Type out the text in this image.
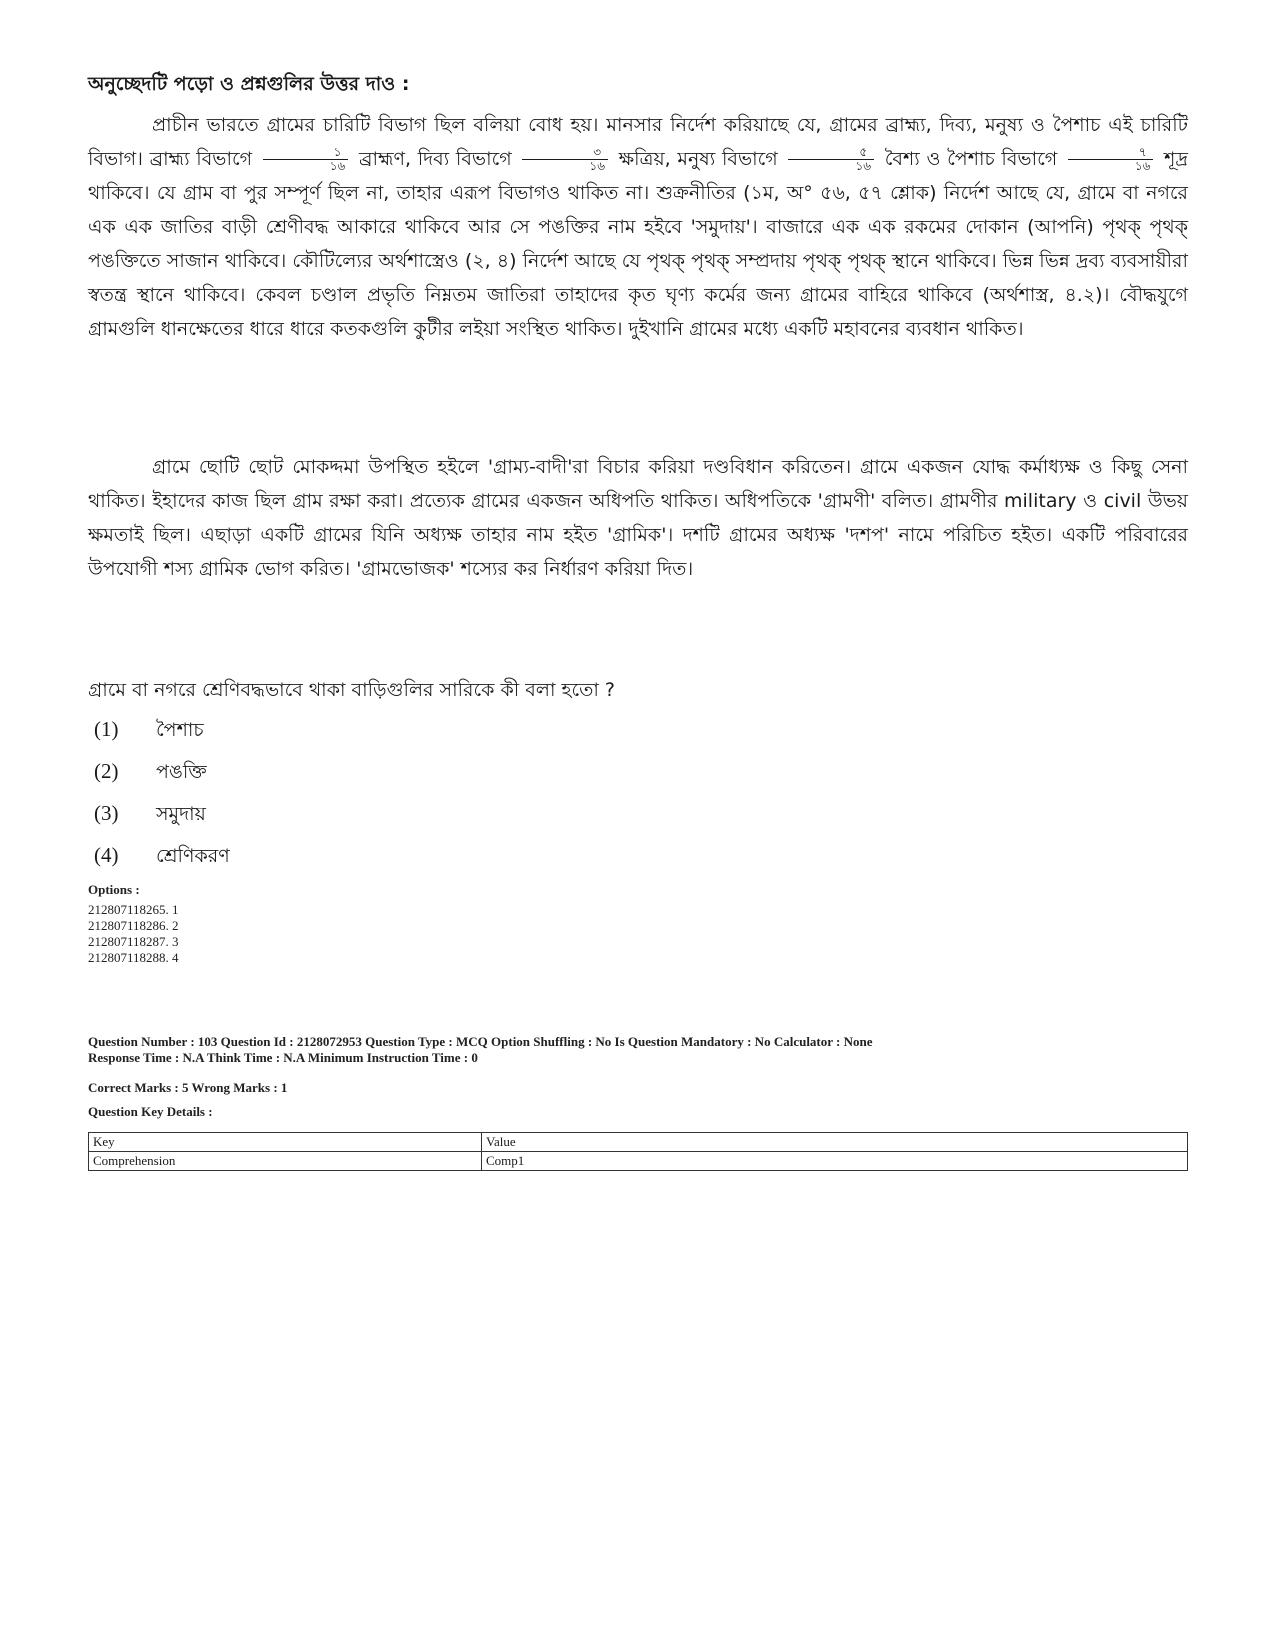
অনুচ্ছেদটি পড়ো ও প্রশ্নগুলির উত্তর দাও :

প্রাচীন ভারতে গ্রামের চারিটি বিভাগ ছিল বলিয়া বোধ হয়। মানসার নির্দেশ করিয়াছে যে, গ্রামের ব্রাহ্ম্য, দিব্য, মনুষ্য ও পৈশাচ এই চারিটি বিভাগ। ব্রাহ্ম্য বিভাগে $\frac{১}{১৬}$ ব্রাহ্মণ, দিব্য বিভাগে $\frac{৩}{১৬}$ ক্ষত্রিয়, মনুষ্য বিভাগে $\frac{৫}{১৬}$ বৈশ্য ও পৈশাচ বিভাগে $\frac{৭}{১৬}$ শূদ্র থাকিবে। যে গ্রাম বা পুর সম্পূর্ণ ছিল না, তাহার এরূপ বিভাগও থাকিত না। শুক্রনীতির (১ম, অ° ৫৬, ৫৭ শ্লোক) নির্দেশ আছে যে, গ্রামে বা নগরে এক এক জাতির বাড়ী শ্রেণীবদ্ধ আকারে থাকিবে আর সে পঙক্তির নাম হইবে 'সমুদায়'। বাজারে এক এক রকমের দোকান (আপনি) পৃথক্ পৃথক্ পঙক্তিতে সাজান থাকিবে। কৌটিল্যের অর্থশাস্ত্রেও (২, ৪) নির্দেশ আছে যে পৃথক্ পৃথক্ সম্প্রদায় পৃথক্ পৃথক্ স্থানে থাকিবে। ভিন্ন ভিন্ন দ্রব্য ব্যবসায়ীরা স্বতন্ত্র স্থানে থাকিবে। কেবল চণ্ডাল প্রভৃতি নিম্নতম জাতিরা তাহাদের কৃত ঘৃণ্য কর্মের জন্য গ্রামের বাহিরে থাকিবে (অর্থশাস্ত্র, ৪.২)। বৌদ্ধযুগে গ্রামগুলি ধানক্ষেতের ধারে ধারে কতকগুলি কুটীর লইয়া সংস্থিত থাকিত। দুইখানি গ্রামের মধ্যে একটি মহাবনের ব্যবধান থাকিত।

গ্রামে ছোটি ছোট মোকদ্দমা উপস্থিত হইলে 'গ্রাম্য-বাদী'রা বিচার করিয়া দণ্ডবিধান করিতেন। গ্রামে একজন যোদ্ধ কর্মাধ্যক্ষ ও কিছু সেনা থাকিত। ইহাদের কাজ ছিল গ্রাম রক্ষা করা। প্রত্যেক গ্রামের একজন অধিপতি থাকিত। অধিপতিকে 'গ্রামণী' বলিত। গ্রামণীর military ও civil উভয় ক্ষমতাই ছিল। এছাড়া একটি গ্রামের যিনি অধ্যক্ষ তাহার নাম হইত 'গ্রামিক'। দশটি গ্রামের অধ্যক্ষ 'দশপ' নামে পরিচিত হইত। একটি পরিবারের উপযোগী শস্য গ্রামিক ভোগ করিত। 'গ্রামভোজক' শস্যের কর নির্ধারণ করিয়া দিত।

গ্রামে বা নগরে শ্রেণিবদ্ধভাবে থাকা বাড়িগুলির সারিকে কী বলা হতো ?
(1) পৈশাচ
(2) পঙক্তি
(3) সমুদায়
(4) শ্রেণিকরণ
Options :
212807118265. 1
212807118286. 2
212807118287. 3
212807118288. 4
Question Number : 103 Question Id : 2128072953 Question Type : MCQ Option Shuffling : No Is Question Mandatory : No Calculator : None
Response Time : N.A Think Time : N.A Minimum Instruction Time : 0
Correct Marks : 5 Wrong Marks : 1
Question Key Details :
Key	Value
Comprehension	Comp1
